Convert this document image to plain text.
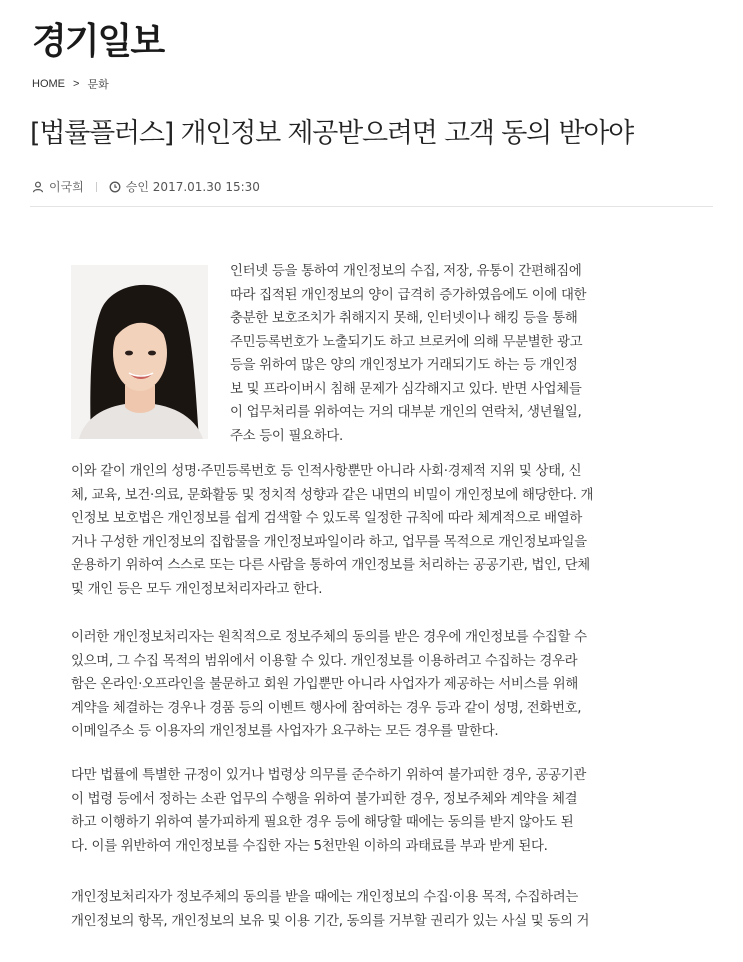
경기일보
HOME > 문화
[법률플러스] 개인정보 제공받으려면 고객 동의 받아야
이국희	승인
2017.01.30 15:30
인터넷 등을 통하여 개인정보의 수집, 저장, 유통이 간편해짐에
따라 집적된 개인정보의 양이 급격히 증가하였음에도 이에 대한
충분한 보호조치가 취해지지 못해, 인터넷이나 해킹 등을 통해
주민등록번호가 노출되기도 하고 브로커에 의해 무분별한 광고
등을 위하여 많은 양의 개인정보가 거래되기도 하는 등 개인정
보 및 프라이버시 침해 문제가 심각해지고 있다. 반면 사업체들
이 업무처리를 위하여는 거의 대부분 개인의 연락처, 생년월일,
주소 등이 필요하다.
이와 같이 개인의 성명·주민등록번호 등 인적사항뿐만 아니라 사회·경제적 지위 및 상태, 신
체, 교육, 보건·의료, 문화활동 및 정치적 성향과 같은 내면의 비밀이 개인정보에 해당한다. 개
인정보 보호법은 개인정보를 쉽게 검색할 수 있도록 일정한 규칙에 따라 체계적으로 배열하
거나 구성한 개인정보의 집합물을 개인정보파일이라 하고, 업무를 목적으로 개인정보파일을
운용하기 위하여 스스로 또는 다른 사람을 통하여 개인정보를 처리하는 공공기관, 법인, 단체
및 개인 등은 모두 개인정보처리자라고 한다.
이러한 개인정보처리자는 원칙적으로 정보주체의 동의를 받은 경우에 개인정보를 수집할 수
있으며, 그 수집 목적의 범위에서 이용할 수 있다. 개인정보를 이용하려고 수집하는 경우라
함은 온라인·오프라인을 불문하고 회원 가입뿐만 아니라 사업자가 제공하는 서비스를 위해
계약을 체결하는 경우나 경품 등의 이벤트 행사에 참여하는 경우 등과 같이 성명, 전화번호,
이메일주소 등 이용자의 개인정보를 사업자가 요구하는 모든 경우를 말한다.
다만 법률에 특별한 규정이 있거나 법령상 의무를 준수하기 위하여 불가피한 경우, 공공기관
이 법령 등에서 정하는 소관 업무의 수행을 위하여 불가피한 경우, 정보주체와 계약을 체결
하고 이행하기 위하여 불가피하게 필요한 경우 등에 해당할 때에는 동의를 받지 않아도 된
다. 이를 위반하여 개인정보를 수집한 자는 5천만원 이하의 과태료를 부과 받게 된다.
개인정보처리자가 정보주체의 동의를 받을 때에는 개인정보의 수집·이용 목적, 수집하려는
개인정보의 항목, 개인정보의 보유 및 이용 기간, 동의를 거부할 권리가 있는 사실 및 동의 거
